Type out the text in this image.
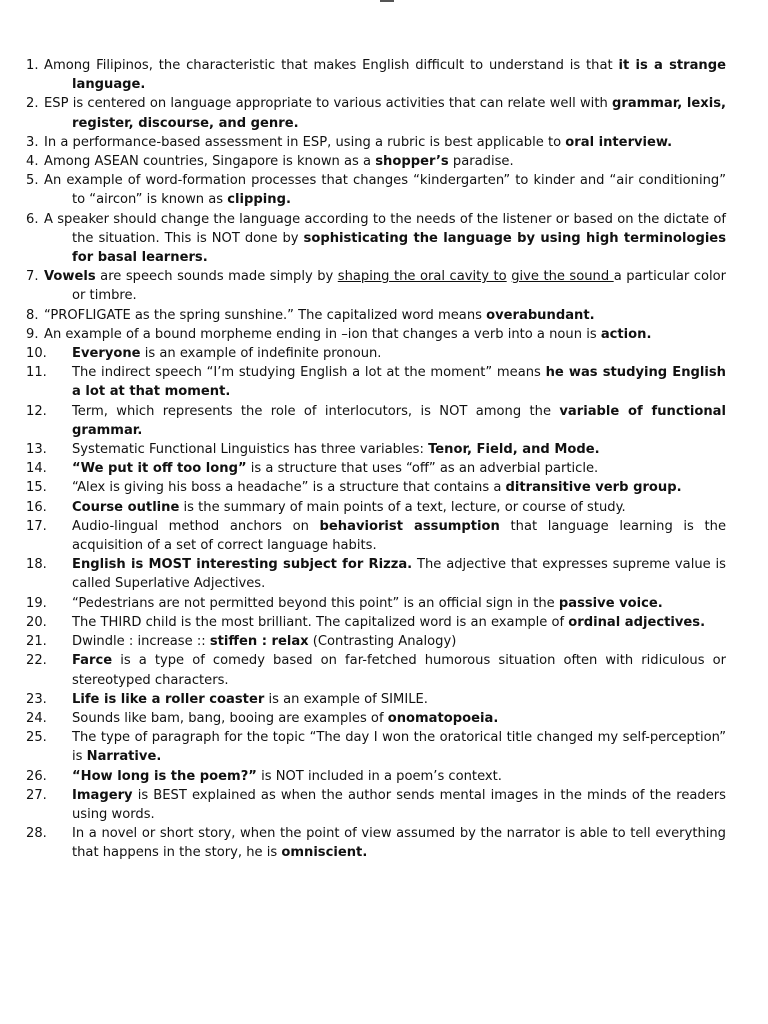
1. Among Filipinos, the characteristic that makes English difficult to understand is that it is a strange language.
2. ESP is centered on language appropriate to various activities that can relate well with grammar, lexis, register, discourse, and genre.
3. In a performance-based assessment in ESP, using a rubric is best applicable to oral interview.
4. Among ASEAN countries, Singapore is known as a shopper’s paradise.
5. An example of word-formation processes that changes “kindergarten” to kinder and “air conditioning” to “aircon” is known as clipping.
6. A speaker should change the language according to the needs of the listener or based on the dictate of the situation. This is NOT done by sophisticating the language by using high terminologies for basal learners.
7. Vowels are speech sounds made simply by shaping the oral cavity to give the sound a particular color or timbre.
8. “PROFLIGATE as the spring sunshine.” The capitalized word means overabundant.
9. An example of a bound morpheme ending in –ion that changes a verb into a noun is action.
10.	Everyone is an example of indefinite pronoun.
11.	The indirect speech “I’m studying English a lot at the moment” means he was studying English a lot at that moment.
12.	Term, which represents the role of interlocutors, is NOT among the variable of functional grammar.
13.	Systematic Functional Linguistics has three variables: Tenor, Field, and Mode.
14.	“We put it off too long” is a structure that uses “off” as an adverbial particle.
15.	“Alex is giving his boss a headache” is a structure that contains a ditransitive verb group.
16.	Course outline is the summary of main points of a text, lecture, or course of study.
17.	Audio-lingual method anchors on behaviorist assumption that language learning is the acquisition of a set of correct language habits.
18.	English is MOST interesting subject for Rizza. The adjective that expresses supreme value is called Superlative Adjectives.
19.	“Pedestrians are not permitted beyond this point” is an official sign in the passive voice.
20.	The THIRD child is the most brilliant. The capitalized word is an example of ordinal adjectives.
21.	Dwindle : increase :: stiffen : relax (Contrasting Analogy)
22.	Farce is a type of comedy based on far-fetched humorous situation often with ridiculous or stereotyped characters.
23.	Life is like a roller coaster is an example of SIMILE.
24.	Sounds like bam, bang, booing are examples of onomatopoeia.
25.	The type of paragraph for the topic “The day I won the oratorical title changed my self-perception” is Narrative.
26.	“How long is the poem?” is NOT included in a poem’s context.
27.	Imagery is BEST explained as when the author sends mental images in the minds of the readers using words.
28.	In a novel or short story, when the point of view assumed by the narrator is able to tell everything that happens in the story, he is omniscient.
